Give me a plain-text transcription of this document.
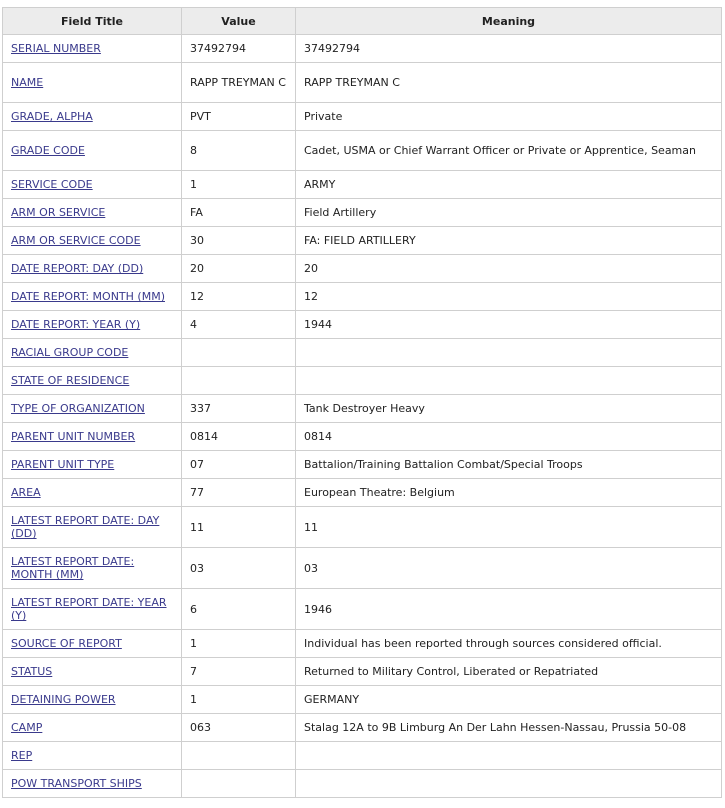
Field Title	Value	Meaning
SERIAL NUMBER	37492794	37492794
NAME	RAPP TREYMAN C	RAPP TREYMAN C
GRADE, ALPHA	PVT	Private
GRADE CODE	8	Cadet, USMA or Chief Warrant Officer or Private or Apprentice, Seaman
SERVICE CODE	1	ARMY
ARM OR SERVICE	FA	Field Artillery
ARM OR SERVICE CODE	30	FA: FIELD ARTILLERY
DATE REPORT: DAY (DD)	20	20
DATE REPORT: MONTH (MM)	12	12
DATE REPORT: YEAR (Y)	4	1944
RACIAL GROUP CODE		
STATE OF RESIDENCE		
TYPE OF ORGANIZATION	337	Tank Destroyer Heavy
PARENT UNIT NUMBER	0814	0814
PARENT UNIT TYPE	07	Battalion/Training Battalion Combat/Special Troops
AREA	77	European Theatre: Belgium
LATEST REPORT DATE: DAY (DD)	11	11
LATEST REPORT DATE: MONTH (MM)	03	03
LATEST REPORT DATE: YEAR (Y)	6	1946
SOURCE OF REPORT	1	Individual has been reported through sources considered official.
STATUS	7	Returned to Military Control, Liberated or Repatriated
DETAINING POWER	1	GERMANY
CAMP	063	Stalag 12A to 9B Limburg An Der Lahn Hessen-Nassau, Prussia 50-08
REP		
POW TRANSPORT SHIPS		
